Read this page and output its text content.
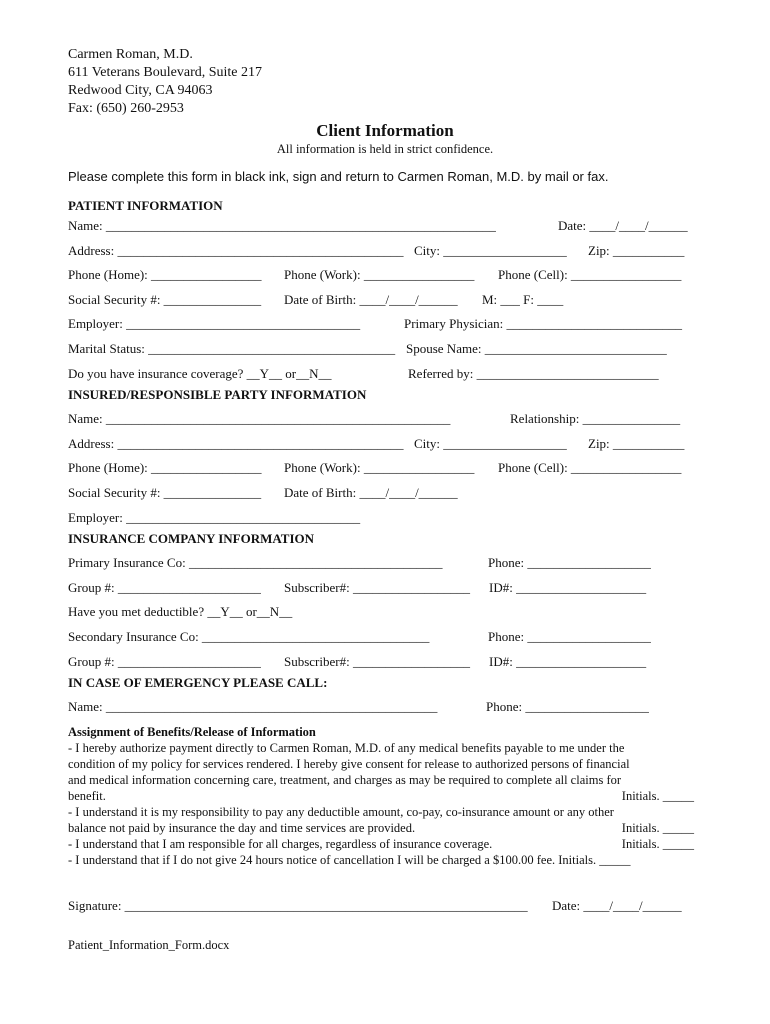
Carmen Roman, M.D.
611 Veterans Boulevard, Suite 217
Redwood City, CA 94063
Fax: (650) 260-2953
Client Information
All information is held in strict confidence.
Please complete this form in black ink, sign and return to Carmen Roman, M.D. by mail or fax.
PATIENT INFORMATION
Name: ____________________________________________________________	Date: ____/____/______
Address: ____________________________________________ City: ___________________ Zip: ___________
Phone (Home): _________________ Phone (Work): _________________ Phone (Cell): _________________
Social Security #: _______________ Date of Birth: ____/____/______ M: ___ F: ____
Employer: ____________________________________	Primary Physician: ___________________________
Marital Status: ______________________________________ Spouse Name: ____________________________
Do you have insurance coverage? __Y__ or__N__	Referred by: ____________________________
INSURED/RESPONSIBLE PARTY INFORMATION
Name: _____________________________________________________	Relationship: _______________
Address: ____________________________________________ City: ___________________ Zip: ___________
Phone (Home): _________________ Phone (Work): _________________ Phone (Cell): _________________
Social Security #: _______________ Date of Birth: ____/____/______
Employer: ____________________________________
INSURANCE COMPANY INFORMATION
Primary Insurance Co: _______________________________________	Phone: ___________________
Group #: ______________________ Subscriber#: __________________ ID#: ____________________
Have you met deductible? __Y__ or__N__
Secondary Insurance Co: ___________________________________	Phone: ___________________
Group #: ______________________ Subscriber#: __________________ ID#: ____________________
IN CASE OF EMERGENCY PLEASE CALL:
Name: ___________________________________________________	Phone: ___________________
Assignment of Benefits/Release of Information
- I hereby authorize payment directly to Carmen Roman, M.D. of any medical benefits payable to me under the
condition of my policy for services rendered. I hereby give consent for release to authorized persons of financial
and medical information concerning care, treatment, and charges as may be required to complete all claims for
benefit.	Initials. _____
- I understand it is my responsibility to pay any deductible amount, co-pay, co-insurance amount or any other
balance not paid by insurance the day and time services are provided.	Initials. _____
- I understand that I am responsible for all charges, regardless of insurance coverage.	Initials. _____
- I understand that if I do not give 24 hours notice of cancellation I will be charged a $100.00 fee. Initials. _____
Signature: ______________________________________________________________ Date: ____/____/______
Patient_Information_Form.docx
